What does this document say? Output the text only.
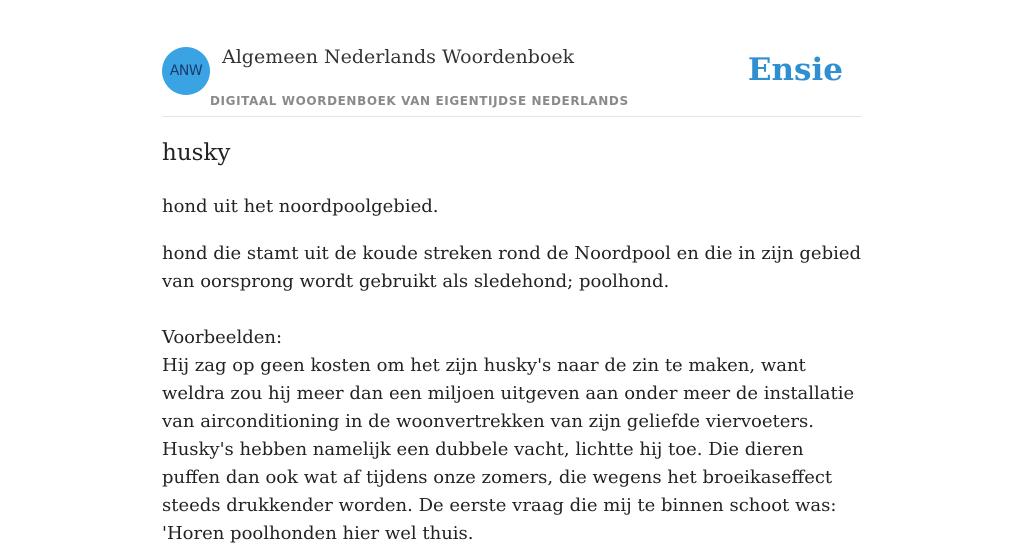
ANW
Algemeen Nederlands Woordenboek
DIGITAAL WOORDENBOEK VAN EIGENTIJDSE NEDERLANDS
Ensie
husky

hond uit het noordpoolgebied.

hond die stamt uit de koude streken rond de Noordpool en die in zijn gebied van oorsprong wordt gebruikt als sledehond; poolhond.

Voorbeelden:

Hij zag op geen kosten om het zijn husky's naar de zin te maken, want weldra zou hij meer dan een miljoen uitgeven aan onder meer de installatie van airconditioning in de woonvertrekken van zijn geliefde viervoeters. Husky's hebben namelijk een dubbele vacht, lichtte hij toe. Die dieren puffen dan ook wat af tijdens onze zomers, die wegens het broeikaseffect steeds drukkender worden. De eerste vraag die mij te binnen schoot was: 'Horen poolhonden hier wel thuis.
